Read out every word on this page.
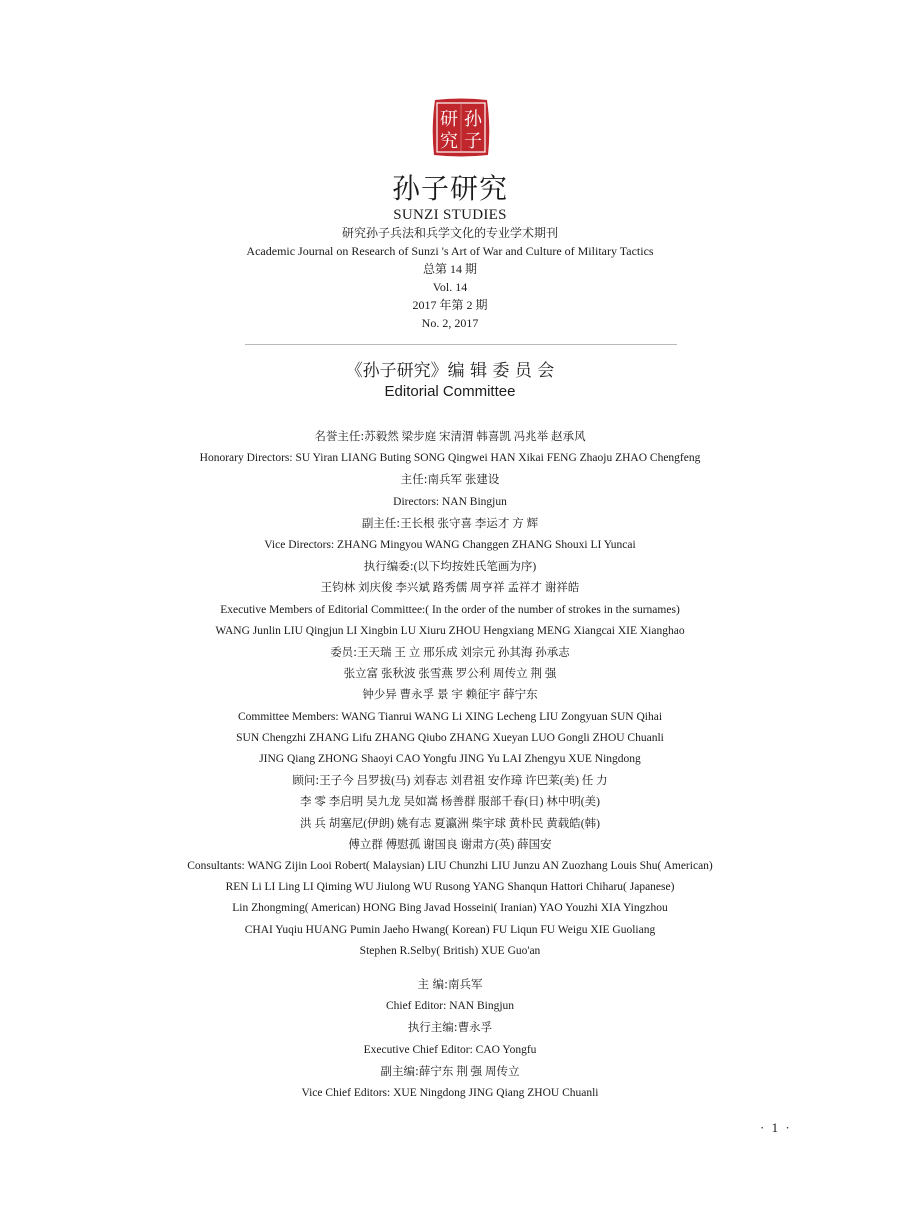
孙
子
研
究
孙子研究
SUNZI STUDIES
研究孙子兵法和兵学文化的专业学术期刊
Academic Journal on Research of Sunzi 's Art of War and Culture of Military Tactics
总第 14 期
Vol. 14
2017 年第 2 期
No. 2, 2017
《孙子研究》编 辑 委 员 会
Editorial Committee
名誉主任:苏毅然 梁步庭 宋清渭 韩喜凯 冯兆举 赵承风
Honorary Directors: SU Yiran LIANG Buting SONG Qingwei HAN Xikai FENG Zhaoju ZHAO Chengfeng
主任:南兵军 张建设
Directors: NAN Bingjun
副主任:王长根 张守喜 李运才 方 辉
Vice Directors: ZHANG Mingyou WANG Changgen ZHANG Shouxi LI Yuncai
执行编委:(以下均按姓氏笔画为序)
王钧林 刘庆俊 李兴斌 路秀儒 周亨祥 孟祥才 谢祥皓
Executive Members of Editorial Committee:( In the order of the number of strokes in the surnames)
WANG Junlin LIU Qingjun LI Xingbin LU Xiuru ZHOU Hengxiang MENG Xiangcai XIE Xianghao
委员:王天瑞 王 立 邢乐成 刘宗元 孙其海 孙承志
张立富 张秋波 张雪燕 罗公利 周传立 荆 强
钟少异 曹永孚 景 宇 赖征宇 薛宁东
Committee Members: WANG Tianrui WANG Li XING Lecheng LIU Zongyuan SUN Qihai
SUN Chengzhi ZHANG Lifu ZHANG Qiubo ZHANG Xueyan LUO Gongli ZHOU Chuanli
JING Qiang ZHONG Shaoyi CAO Yongfu JING Yu LAI Zhengyu XUE Ningdong
顾问:王子今 吕罗拔(马) 刘春志 刘君祖 安作璋 许巴莱(美) 任 力
李 零 李启明 吴九龙 吴如嵩 杨善群 服部千春(日) 林中明(美)
洪 兵 胡塞尼(伊朗) 姚有志 夏瀛洲 柴宇球 黄朴民 黄载皓(韩)
傅立群 傅慰孤 谢国良 谢肃方(英) 薛国安
Consultants: WANG Zijin Looi Robert( Malaysian) LIU Chunzhi LIU Junzu AN Zuozhang Louis Shu( American)
REN Li LI Ling LI Qiming WU Jiulong WU Rusong YANG Shanqun Hattori Chiharu( Japanese)
Lin Zhongming( American) HONG Bing Javad Hosseini( Iranian) YAO Youzhi XIA Yingzhou
CHAI Yuqiu HUANG Pumin Jaeho Hwang( Korean) FU Liqun FU Weigu XIE Guoliang
Stephen R.Selby( British) XUE Guo'an
主 编:南兵军
Chief Editor: NAN Bingjun
执行主编:曹永孚
Executive Chief Editor: CAO Yongfu
副主编:薛宁东 荆 强 周传立
Vice Chief Editors: XUE Ningdong JING Qiang ZHOU Chuanli
· 1 ·
